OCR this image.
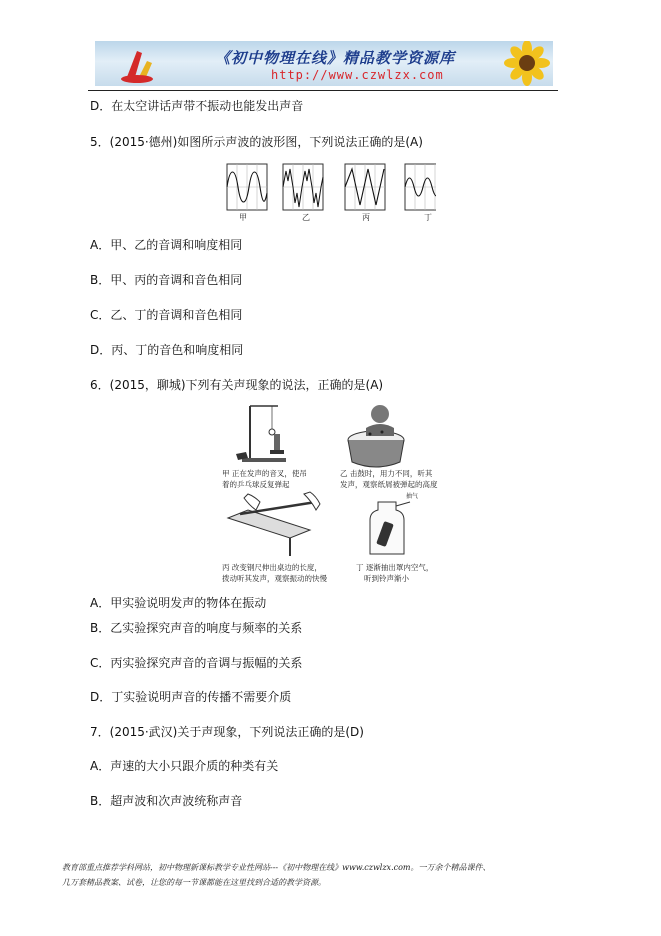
《初中物理在线》精品教学资源库
http://www.czwlzx.com
D．在太空讲话声带不振动也能发出声音
5．(2015·德州)如图所示声波的波形图，下列说法正确的是(A)
甲	乙	丙	丁
A．甲、乙的音调和响度相同
B．甲、丙的音调和音色相同
C．乙、丁的音调和音色相同
D．丙、丁的音色和响度相同
6．(2015，聊城)下列有关声现象的说法，正确的是(A)
甲 正在发声的音叉，使吊
着的乒乓球反复弹起
乙 击鼓时，用力不同，听其
发声，观察纸屑被弹起的高度
抽气
丙 改变钢尺伸出桌边的长度，
拨动听其发声，观察振动的快慢
丁 逐渐抽出罩内空气，
听到铃声渐小
A．甲实验说明发声的物体在振动
B．乙实验探究声音的响度与频率的关系
C．丙实验探究声音的音调与振幅的关系
D．丁实验说明声音的传播不需要介质
7．(2015·武汉)关于声现象，下列说法正确的是(D)
A．声速的大小只跟介质的种类有关
B．超声波和次声波统称声音
教育部重点推荐学科网站，初中物理新课标教学专业性网站---《初中物理在线》www.czwlzx.com。一万余个精品课件、
几万套精品教案、试卷，让您的每一节课都能在这里找到合适的教学资源。
